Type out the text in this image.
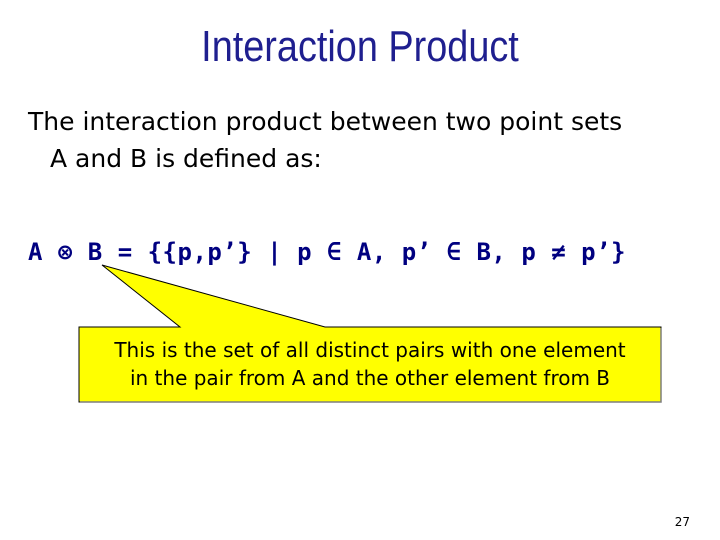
Interaction Product
The interaction product between two point sets
A and B is defined as:
A ⊗ B = {{p,p’} | p ∈ A, p’ ∈ B, p ≠ p’}
This is the set of all distinct pairs with one element
in the pair from A and the other element from B
27
